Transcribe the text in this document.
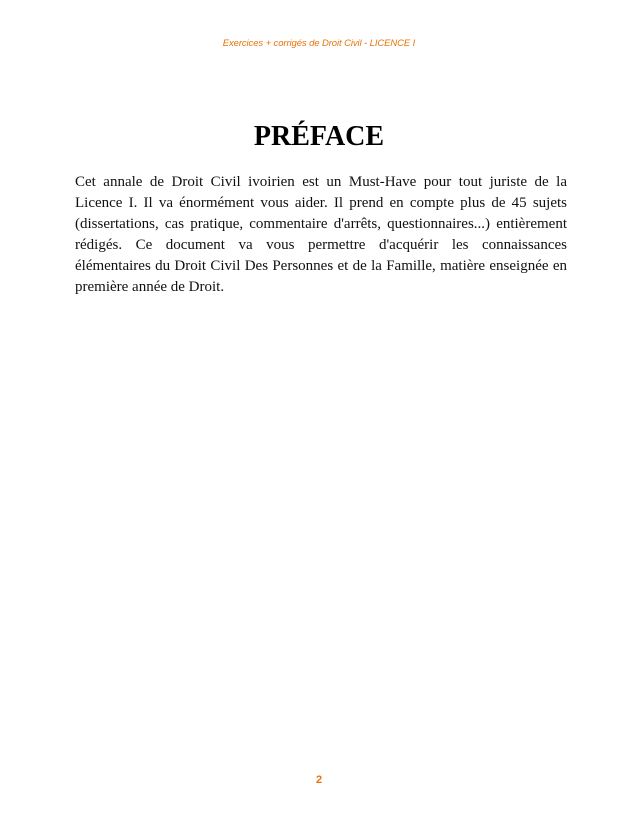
Exercices + corrigés de Droit Civil - LICENCE I
PRÉFACE

Cet annale de Droit Civil ivoirien est un Must-Have pour tout juriste de la Licence I. Il va énormément vous aider. Il prend en compte plus de 45 sujets (dissertations, cas pratique, commentaire d'arrêts, questionnaires...) entièrement rédigés. Ce document va vous permettre d'acquérir les connaissances élémentaires du Droit Civil Des Personnes et de la Famille, matière enseignée en première année de Droit.

2
